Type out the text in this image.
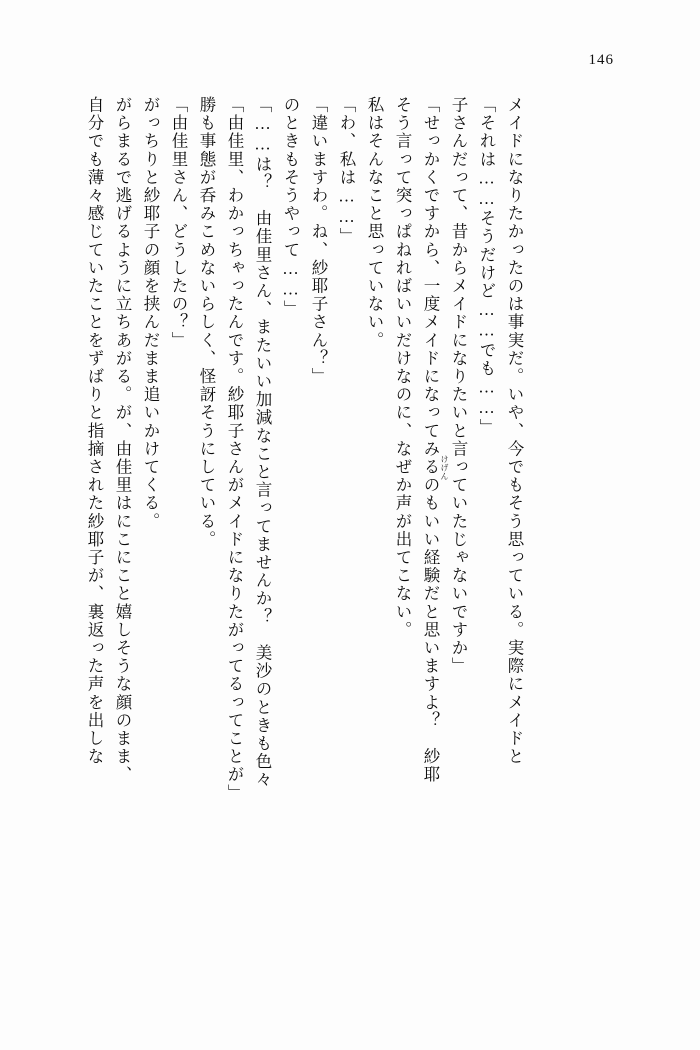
146
自分でも薄々感じていたことをずばりと指摘された紗耶子が、裏返った声を出しな がらまるで逃げるように立ちあがる。が、由佳里はにこにこと嬉しそうな顔のまま、 がっちりと紗耶子の顔を挟んだまま追いかけてくる。 「由佳里さん、どうしたの？」 勝も事態が呑みこめないらしく、怪訝そうにしている。 「由佳里、わかっちゃったんです。紗耶子さんがメイドになりたがってるってことが」 「……は？　由佳里さん、またいい加減なこと言ってませんか？　美沙のときも色々 のときもそうやって……」 「違いますわ。ね、紗耶子さん？」 「わ、私は……」 私はそんなこと思っていない。 そう言って突っぱねればいいだけなのに、なぜか声が出てこない。 「せっかくですから、一度メイドになってみるのもいい経験だと思いますよ？　紗耶 子さんだって、昔からメイドになりたいと言っていたじゃないですか」 「それは……そうだけど……でも……」 メイドになりたかったのは事実だ。いや、今でもそう思っている。実際にメイドと
けげん
